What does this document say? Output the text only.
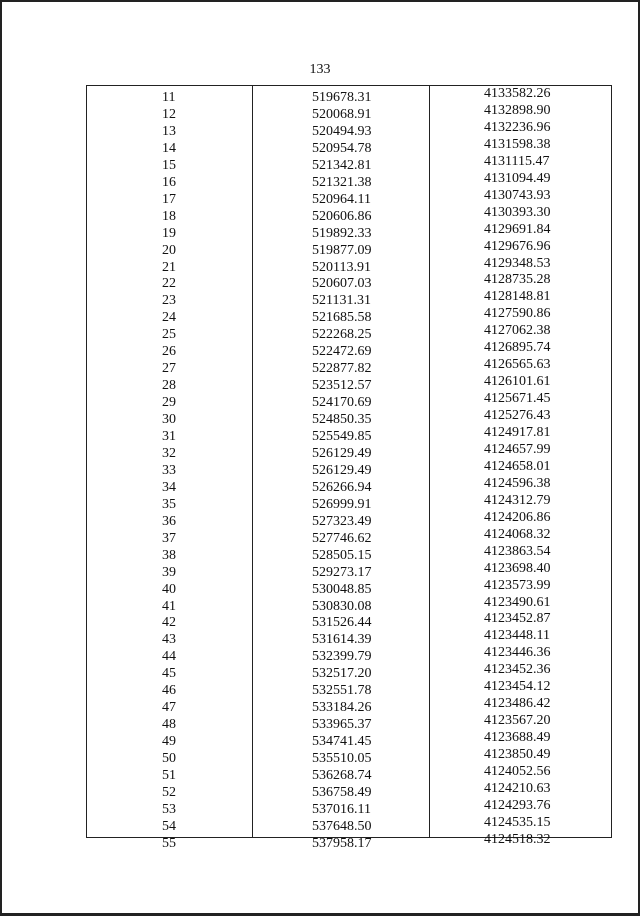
133
11	519678.31	4133582.26
12	520068.91	4132898.90
13	520494.93	4132236.96
14	520954.78	4131598.38
15	521342.81	4131115.47
16	521321.38	4131094.49
17	520964.11	4130743.93
18	520606.86	4130393.30
19	519892.33	4129691.84
20	519877.09	4129676.96
21	520113.91	4129348.53
22	520607.03	4128735.28
23	521131.31	4128148.81
24	521685.58	4127590.86
25	522268.25	4127062.38
26	522472.69	4126895.74
27	522877.82	4126565.63
28	523512.57	4126101.61
29	524170.69	4125671.45
30	524850.35	4125276.43
31	525549.85	4124917.81
32	526129.49	4124657.99
33	526129.49	4124658.01
34	526266.94	4124596.38
35	526999.91	4124312.79
36	527323.49	4124206.86
37	527746.62	4124068.32
38	528505.15	4123863.54
39	529273.17	4123698.40
40	530048.85	4123573.99
41	530830.08	4123490.61
42	531526.44	4123452.87
43	531614.39	4123448.11
44	532399.79	4123446.36
45	532517.20	4123452.36
46	532551.78	4123454.12
47	533184.26	4123486.42
48	533965.37	4123567.20
49	534741.45	4123688.49
50	535510.05	4123850.49
51	536268.74	4124052.56
52	536758.49	4124210.63
53	537016.11	4124293.76
54	537648.50	4124535.15
55	537958.17	4124518.32
